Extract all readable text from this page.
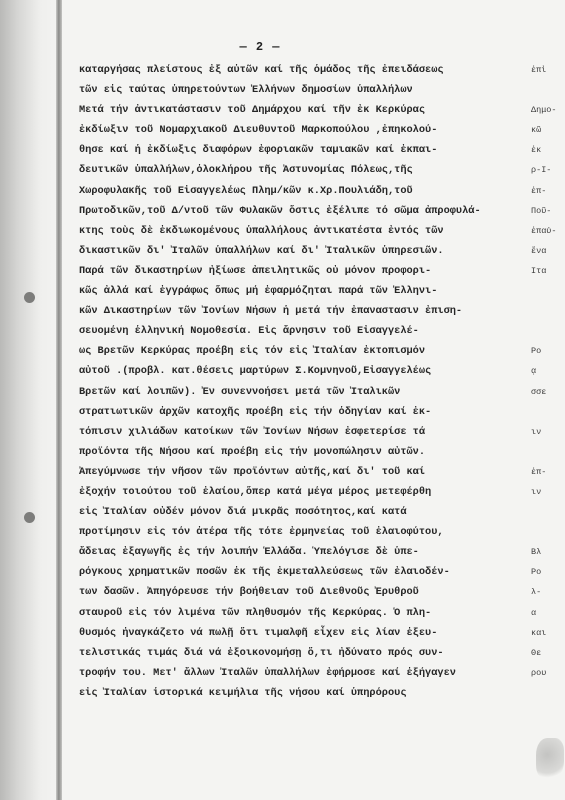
— 2 —
καταργήσας πλείστους ἐξ αὐτῶν καί τῆς ὁμάδος τῆς ἐπειδάσεως
τῶν εἰς ταύτας ὑπηρετούντων Ἑλλήνων δημοσίων ὑπαλλήλων
Μετά τήν ἀντικατάστασιν τοῦ Δημάρχου καί τῆν ἐκ Κερκύρας
ἐκδίωξιν τοῦ Νομαρχιακοῦ Διευθυντοῦ Μαρκοπούλου ,ἐπηκολού-
θησε καί ἡ ἐκδίωξις διαφόρων ἐφοριακῶν ταμιακῶν καί ἐκπαι-
δευτικῶν ὑπαλλήλων,ὁλοκλήρου τῆς Ἀστυνομίας Πόλεως,τῆς
Χωροφυλακῆς τοῦ Εἰσαγγελέως Πλημ/κῶν κ.Χρ.Πουλιάδη,τοῦ
Πρωτοδικῶν,τοῦ Δ/ντοῦ τῶν Φυλακῶν ὅστις ἐξέλιπε τό σῶμα ἀπροφυλά-
κτης τοὺς δὲ ἐκδιωκομένους ὑπαλλήλους ἀντικατέστα ἐντός τῶν
δικαστικῶν δι' Ἰταλῶν ὑπαλλήλων καί δι' Ἰταλικῶν ὑπηρεσιῶν.
Παρά τῶν δικαστηρίων ἠξίωσε ἀπειλητικῶς οὐ μόνον προφορι-
κῶς ἀλλά καί ἐγγράφως ὅπως μή ἐφαρμόζηται παρά τῶν Ἑλληνι-
κῶν Δικαστηρίων τῶν Ἰονίων Νήσων ἡ μετά τήν ἐπαναστασιν ἐπιση-
σευομένη ἑλληνική Νομοθεσία. Εἰς ἄρνησιν τοῦ Εἰσαγγελέ-
ως Βρετῶν Κερκύρας προέβη εἰς τόν εἰς Ἰταλίαν ἐκτοπισμόν
αὐτοῦ .(προβλ. κατ.θέσεις μαρτύρων Σ.Κομνηνοῦ,Εἰσαγγελέως
Βρετῶν καί λοιπῶν). Ἐν συνεννοήσει μετά τῶν Ἰταλικῶν
στρατιωτικῶν ἀρχῶν κατοχῆς προέβη εἰς τήν ὁδηγίαν καί ἐκ-
τόπισιν χιλιάδων κατοίκων τῶν Ἰονίων Νήσων ἐσφετερίσε τά
προϊόντα τῆς Νήσου καί προέβη εἰς τήν μονοπώλησιν αὐτῶν.
Ἀπεγύμνωσε τήν νῆσον τῶν προϊόντων αὐτῆς,καί δι' τοῦ καί
ἐξοχήν τοιούτου τοῦ ἐλαίου,ὅπερ κατά μέγα μέρος μετεφέρθη
εἰς Ἰταλίαν οὐδέν μόνον διά μικρᾶς ποσότητος,καί κατά
προτίμησιν εἰς τόν ἀτέρα τῆς τότε ἐρμηνείας τοῦ ἐλαιοφύτου,
ἄδειας ἐξαγωγῆς ἐς τήν λοιπήν Ἑλλάδα. Ὑπελόγισε δὲ ὑπε-
ρόγκους χρηματικῶν ποσῶν ἐκ τῆς ἐκμεταλλεύσεως τῶν ἐλαιοδέν-
των δασῶν. Ἀπηγόρευσε τήν βοήθειαν τοῦ Διεθνοῦς Ἐρυθροῦ
σταυροῦ εἰς τόν λιμένα τῶν πληθυσμόν τῆς Κερκύρας. Ὁ πλη-
θυσμός ἠναγκάζετο νά πωλῇ ὅτι τιμαλφῆ εἶχεν εἰς λίαν ἐξευ-
τελιστικάς τιμάς διά νά ἐξοικονομήσῃ ὅ,τι ἠδύνατο πρός συν-
τροφήν του. Μετ' ἄλλων Ἰταλῶν ὑπαλλήλων ἐφήρμοσε καί ἐξήγαγεν
εἰς Ἰταλίαν ἱστορικά κειμήλια τῆς νήσου καί ὑπηρόρους
ἐπὶ
Δημο-
κῶ
ἐκ
ρ-Ι-
ἐπ-
Ποῦ-
ἐπαύ-
ἔνα
Ἰτα
Ρο
ᾳ
σσε
ιν
ἐπ-
ιν
Βλ
Ρο
λ-
α
και
Θε
ρου
